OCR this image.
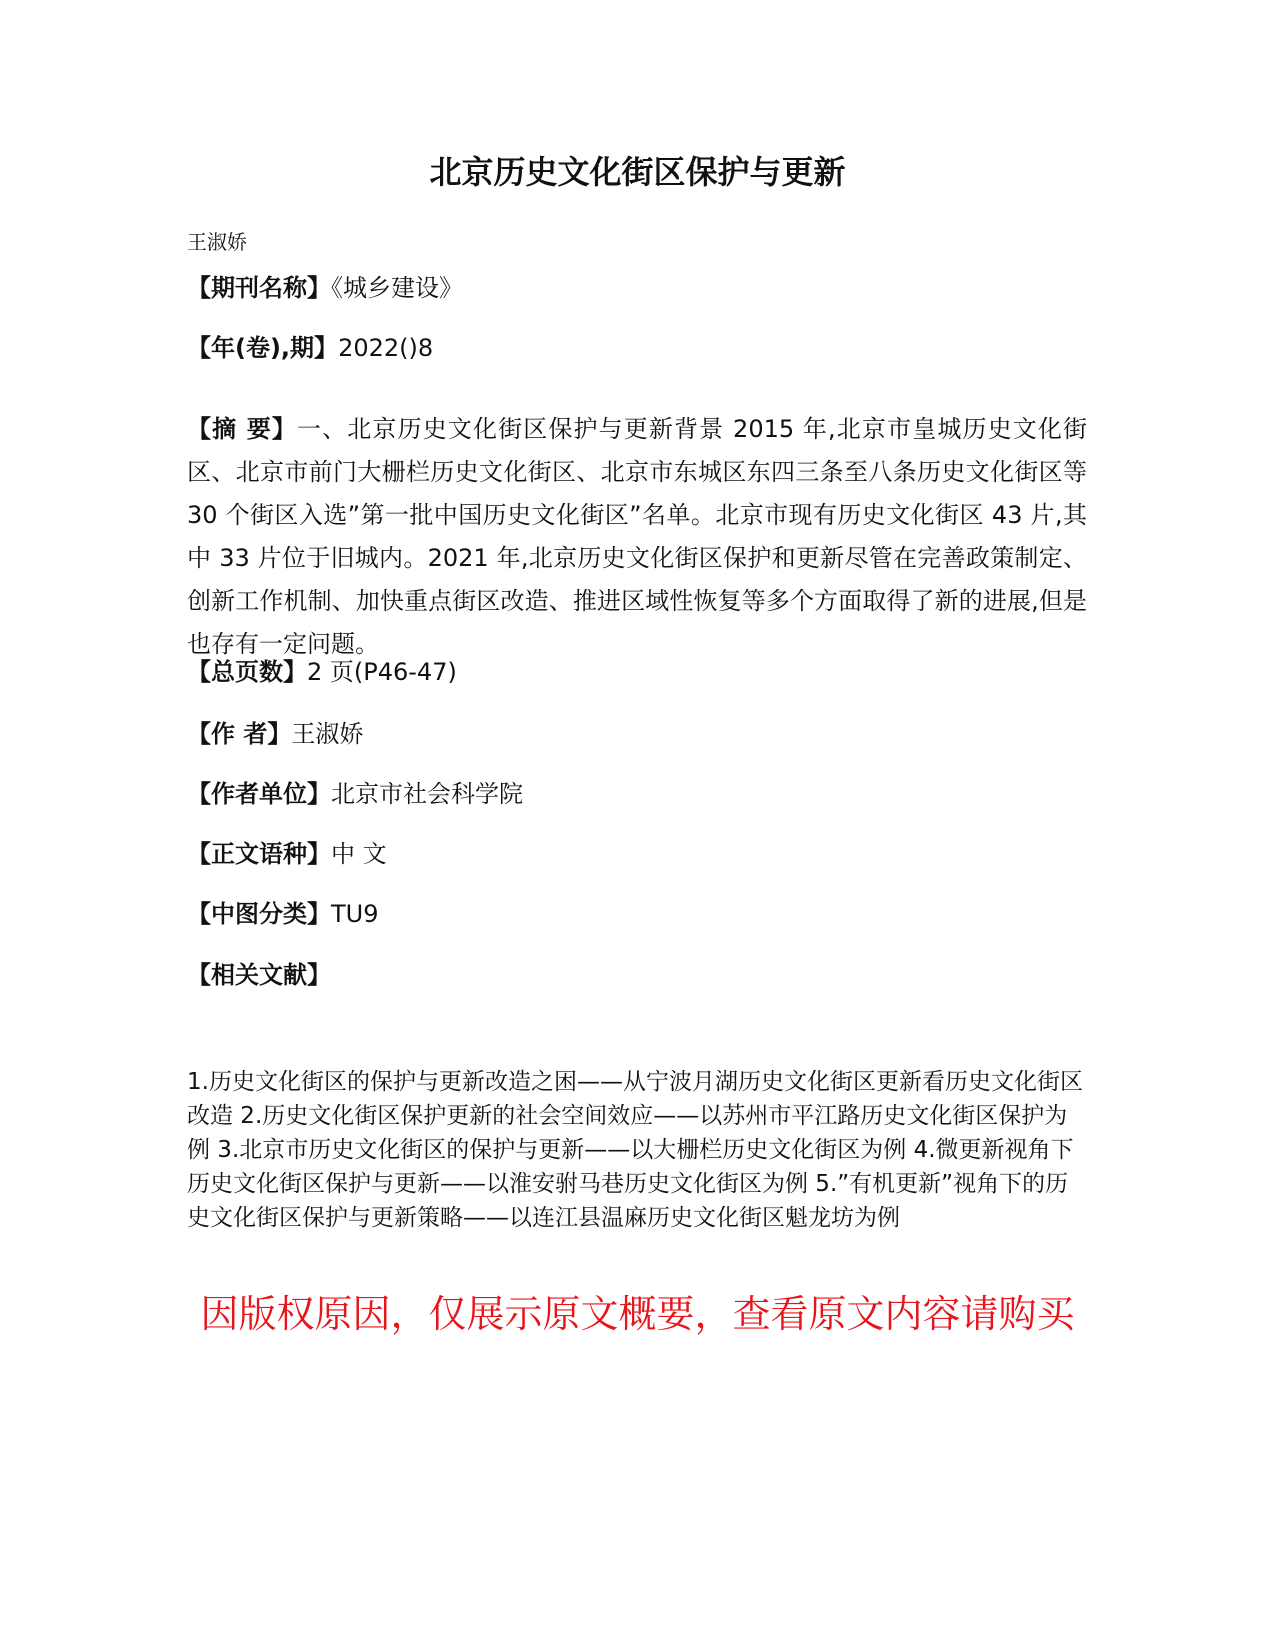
北京历史文化街区保护与更新
王淑娇
【期刊名称】《城乡建设》
【年(卷),期】2022()8
【摘 要】一、北京历史文化街区保护与更新背景 2015 年,北京市皇城历史文化街区、北京市前门大栅栏历史文化街区、北京市东城区东四三条至八条历史文化街区等 30 个街区入选”第一批中国历史文化街区”名单。北京市现有历史文化街区 43 片,其中 33 片位于旧城内。2021 年,北京历史文化街区保护和更新尽管在完善政策制定、创新工作机制、加快重点街区改造、推进区域性恢复等多个方面取得了新的进展,但是也存有一定问题。
【总页数】2 页(P46-47)
【作 者】王淑娇
【作者单位】北京市社会科学院
【正文语种】中 文
【中图分类】TU9
【相关文献】
1.历史文化街区的保护与更新改造之困——从宁波月湖历史文化街区更新看历史文化街区改造 2.历史文化街区保护更新的社会空间效应——以苏州市平江路历史文化街区保护为例 3.北京市历史文化街区的保护与更新——以大栅栏历史文化街区为例 4.微更新视角下历史文化街区保护与更新——以淮安驸马巷历史文化街区为例 5.”有机更新”视角下的历史文化街区保护与更新策略——以连江县温麻历史文化街区魁龙坊为例
因版权原因，仅展示原文概要，查看原文内容请购买
